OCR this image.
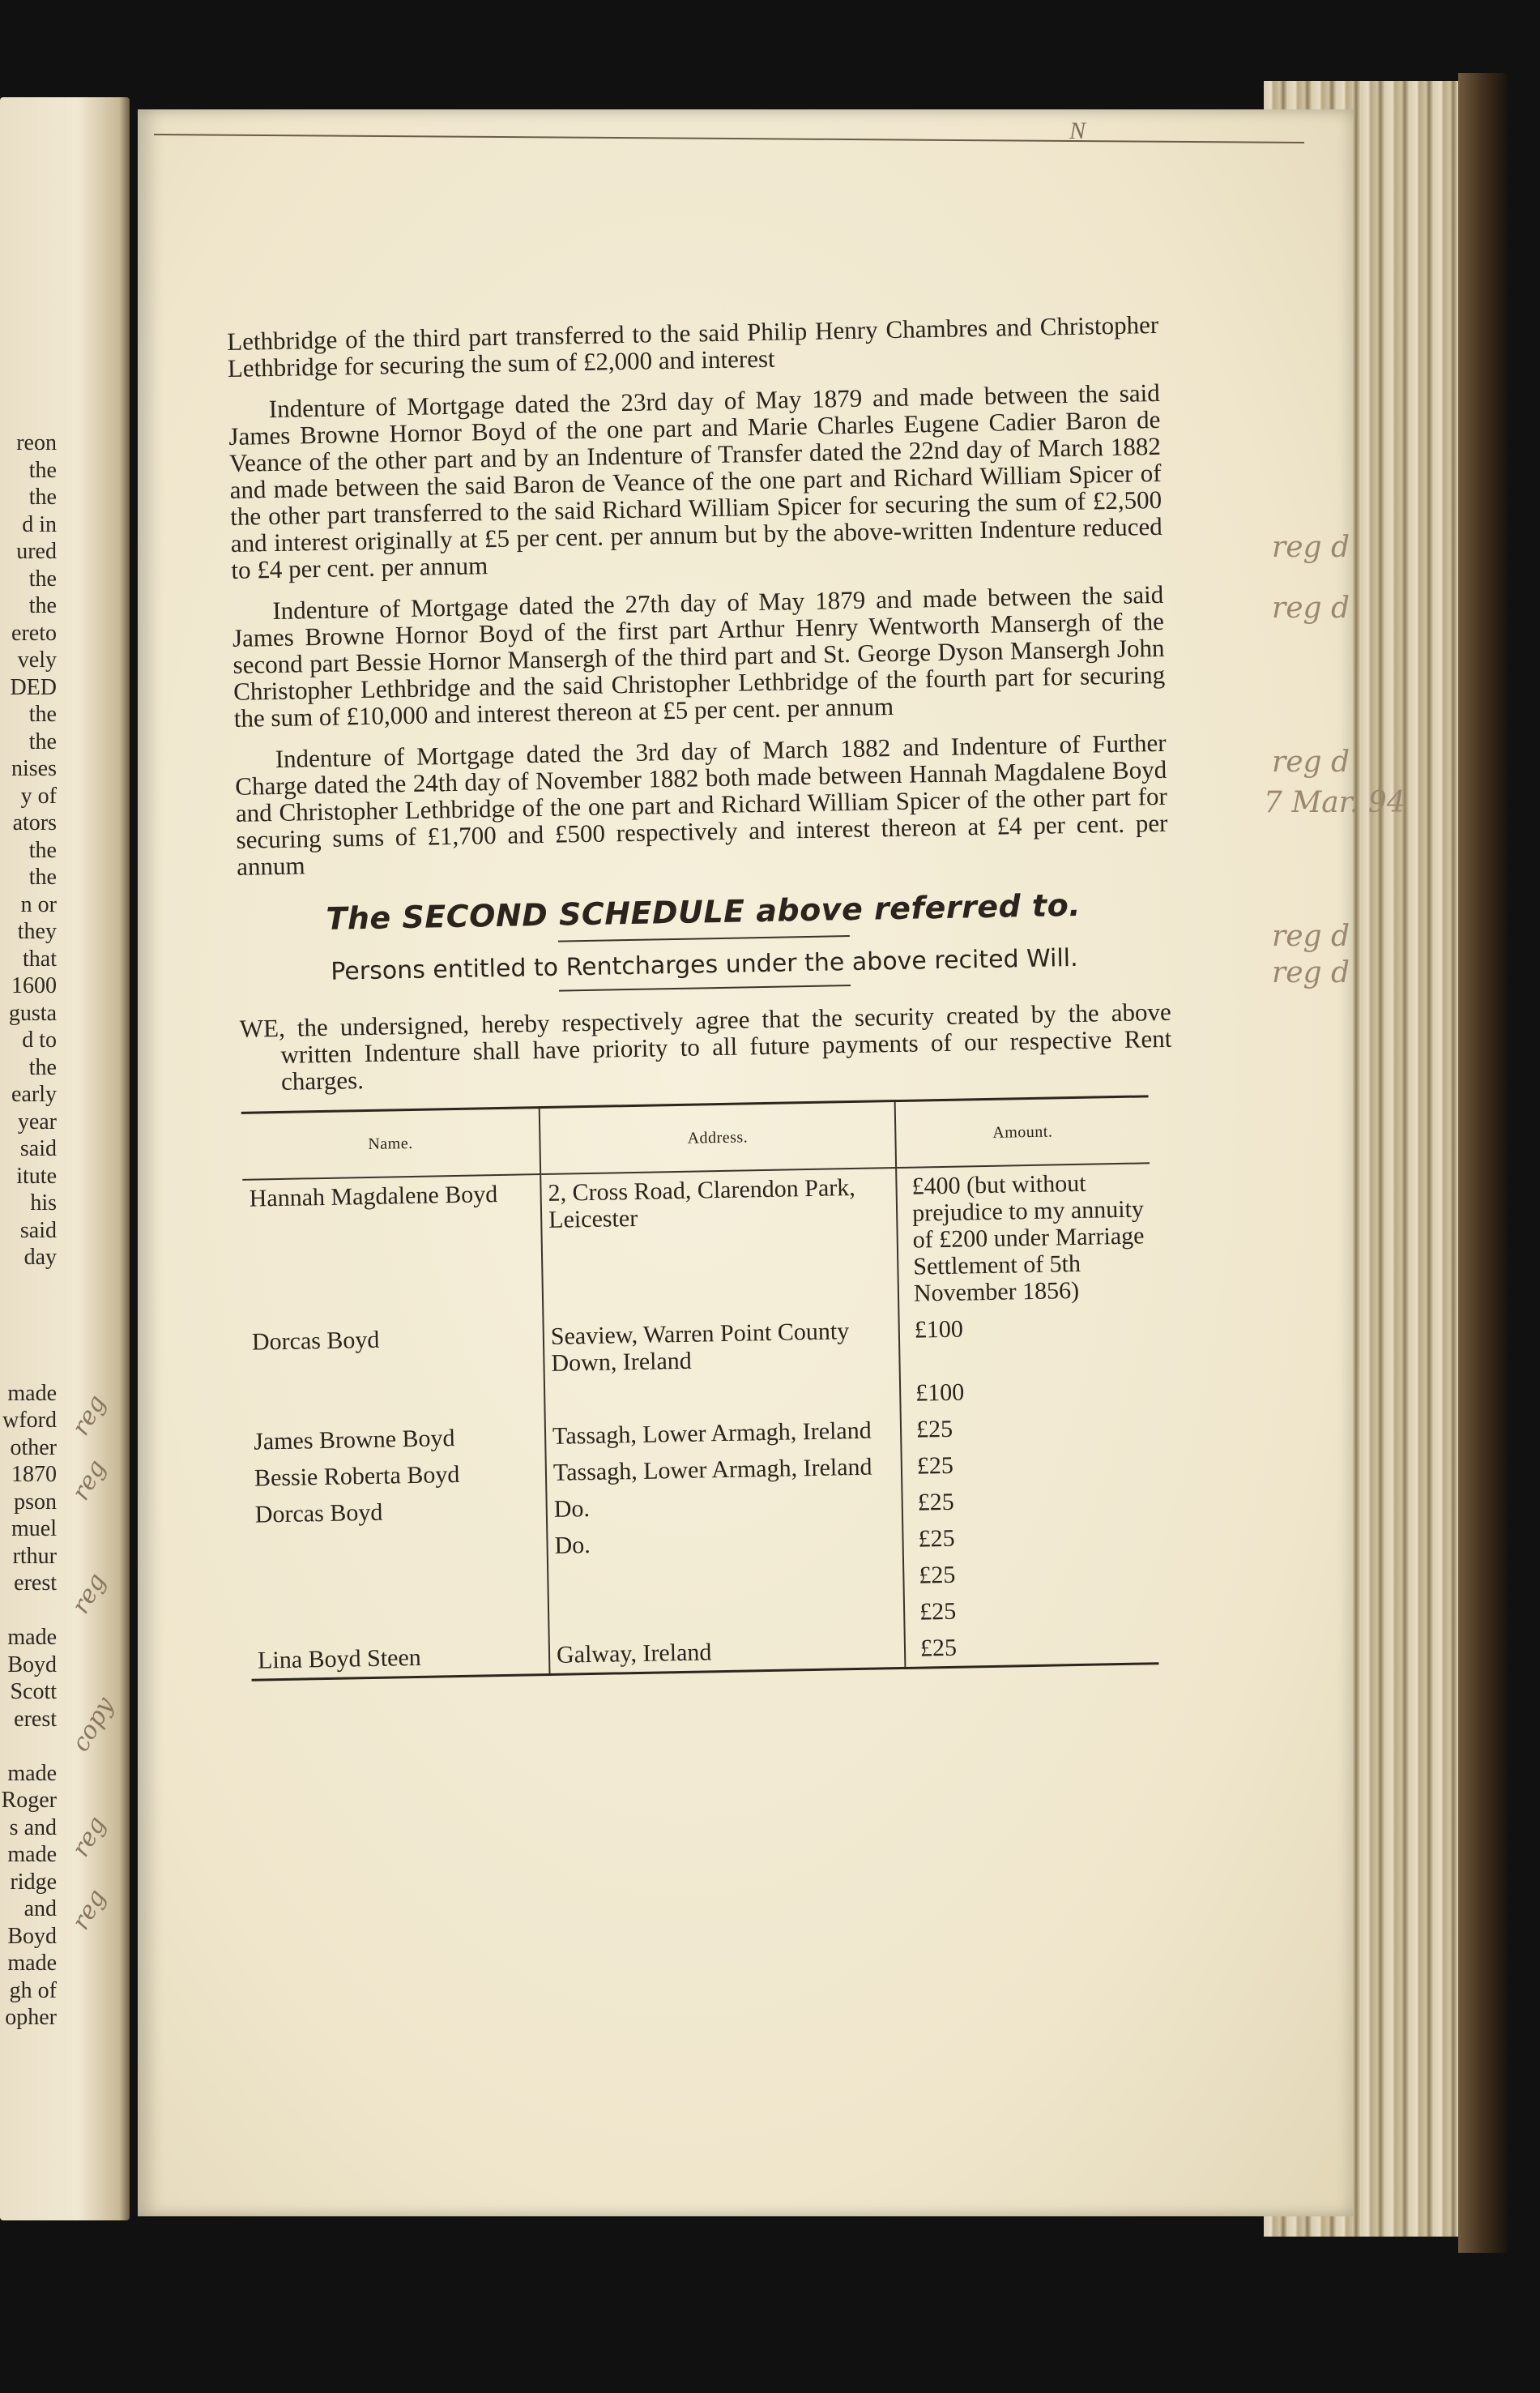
reon
the
the
d in
ured
the
the
ereto
vely
DED
the
the
nises
y of
ators
the
the
n or
they
that
1600
gusta
d to
the
early
year
said
itute
his
said
day

made
wford
other
1870
pson
muel
rthur
erest

made
Boyd
Scott
erest

made
Roger
s and
made
ridge
and
Boyd
made
gh of
opher
reg
reg
reg
copy
reg
reg
N

Lethbridge of the third part transferred to the said Philip Henry Chambres and Christopher Lethbridge for securing the sum of £2,000 and interest

Indenture of Mortgage dated the 23rd day of May 1879 and made between the said James Browne Hornor Boyd of the one part and Marie Charles Eugene Cadier Baron de Veance of the other part and by an Indenture of Transfer dated the 22nd day of March 1882 and made between the said Baron de Veance of the one part and Richard William Spicer of the other part transferred to the said Richard William Spicer for securing the sum of £2,500 and interest originally at £5 per cent. per annum but by the above-written Indenture reduced to £4 per cent. per annum

Indenture of Mortgage dated the 27th day of May 1879 and made between the said James Browne Hornor Boyd of the first part Arthur Henry Wentworth Mansergh of the second part Bessie Hornor Mansergh of the third part and St. George Dyson Mansergh John Christopher Lethbridge and the said Christopher Lethbridge of the fourth part for securing the sum of £10,000 and interest thereon at £5 per cent. per annum

Indenture of Mortgage dated the 3rd day of March 1882 and Indenture of Further Charge dated the 24th day of November 1882 both made between Hannah Magdalene Boyd and Christopher Lethbridge of the one part and Richard William Spicer of the other part for securing sums of £1,700 and £500 respectively and interest thereon at £4 per cent. per annum

The SECOND SCHEDULE above referred to.

Persons entitled to Rentcharges under the above recited Will.

WE, the undersigned, hereby respectively agree that the security created by the above written Indenture shall have priority to all future payments of our respective Rent charges.

Name.	Address.	Amount.
Hannah Magdalene Boyd	2, Cross Road, Clarendon Park, Leicester	£400 (but without prejudice to my annuity of £200 under Marriage Settlement of 5th November 1856)
Dorcas Boyd	Seaview, Warren Point County Down, Ireland	£100
		£100
James Browne Boyd	Tassagh, Lower Armagh, Ireland	£25
Bessie Roberta Boyd	Tassagh, Lower Armagh, Ireland	£25
Dorcas Boyd	Do.	£25
	Do.	£25
		£25
		£25
Lina Boyd Steen	Galway, Ireland	£25
reg d
reg d
reg d
7 Mar. 94
reg d
reg d
